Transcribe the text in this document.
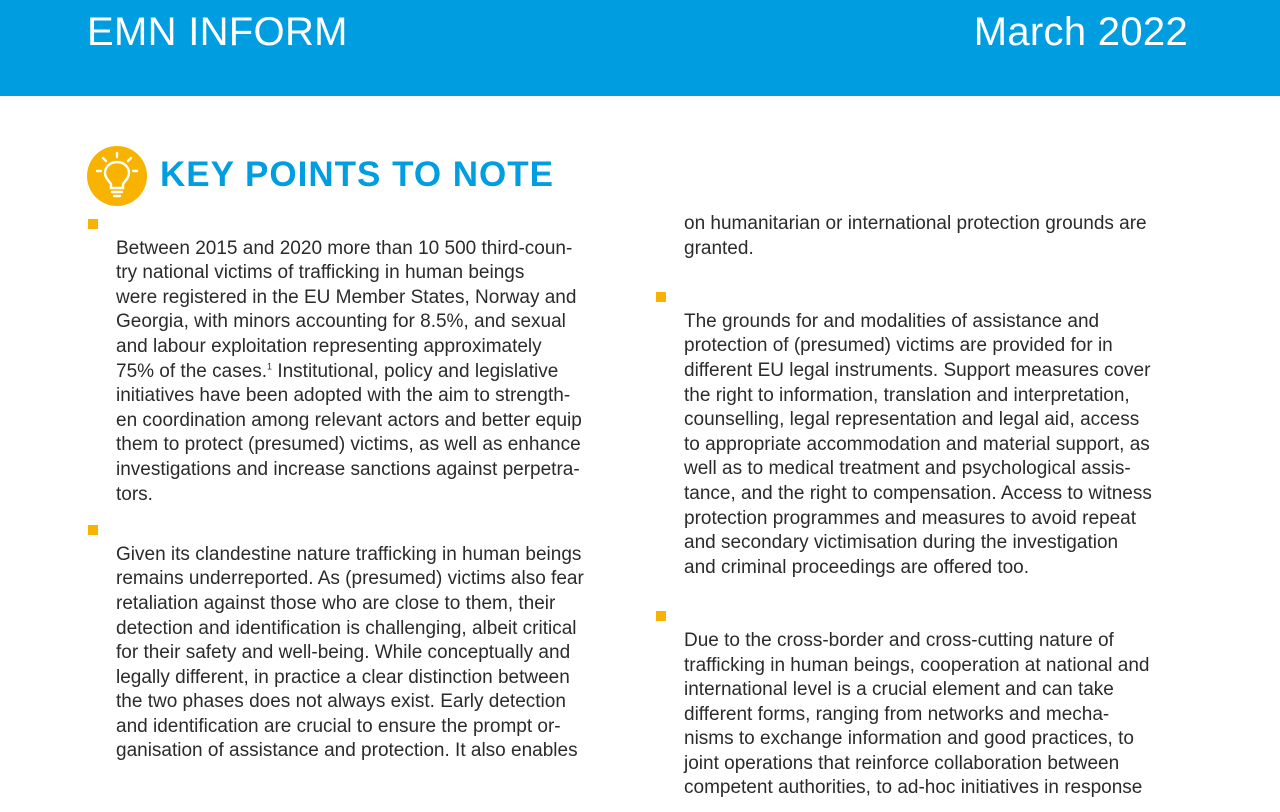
EMN INFORM	March 2022
KEY POINTS TO NOTE

Between 2015 and 2020 more than 10 500 third-coun-
try national victims of trafficking in human beings
were registered in the EU Member States, Norway and
Georgia, with minors accounting for 8.5%, and sexual
and labour exploitation representing approximately
75% of the cases.$^1$ Institutional, policy and legislative
initiatives have been adopted with the aim to strength-
en coordination among relevant actors and better equip
them to protect (presumed) victims, as well as enhance
investigations and increase sanctions against perpetra-
tors.

Given its clandestine nature trafficking in human beings
remains underreported. As (presumed) victims also fear
retaliation against those who are close to them, their
detection and identification is challenging, albeit critical
for their safety and well-being. While conceptually and
legally different, in practice a clear distinction between
the two phases does not always exist. Early detection
and identification are crucial to ensure the prompt or-
ganisation of assistance and protection. It also enables

on humanitarian or international protection grounds are
granted.

The grounds for and modalities of assistance and
protection of (presumed) victims are provided for in
different EU legal instruments. Support measures cover
the right to information, translation and interpretation,
counselling, legal representation and legal aid, access
to appropriate accommodation and material support, as
well as to medical treatment and psychological assis-
tance, and the right to compensation. Access to witness
protection programmes and measures to avoid repeat
and secondary victimisation during the investigation
and criminal proceedings are offered too.

Due to the cross-border and cross-cutting nature of
trafficking in human beings, cooperation at national and
international level is a crucial element and can take
different forms, ranging from networks and mecha-
nisms to exchange information and good practices, to
joint operations that reinforce collaboration between
competent authorities, to ad-hoc initiatives in response
